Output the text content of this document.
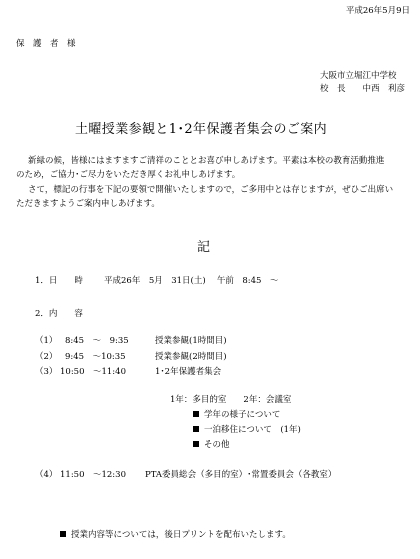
平成26年5月9日
保　護　者　様
大阪市立堀江中学校
校　長　　中西　利彦
土曜授業参観と1･2年保護者集会のご案内
新緑の候，皆様にはますますご清祥のこととお喜び申しあげます。平素は本校の教育活動推進
のため，ご協力･ご尽力をいただき厚くお礼申しあげます。
さて，標記の行事を下記の要領で開催いたしますので，ご多用中とは存じますが，ぜひご出席い
ただきますようご案内申しあげます。
記
1．日　　時 平成26年　5月　31日(土)　 午前　8:45　～
2．内　　容
（1） 8:45　～　9:35	授業参観(1時間目)
（2） 9:45　～10:35	授業参観(2時間目)
（3） 10:50　～11:40	1･2年保護者集会
1年：多目的室　　2年：会議室
学年の様子について
一泊移住について　(1年)
その他
（4） 11:50　～12:30 PTA委員総会（多目的室）･常置委員会（各教室）
授業内容等については，後日プリントを配布いたします。
